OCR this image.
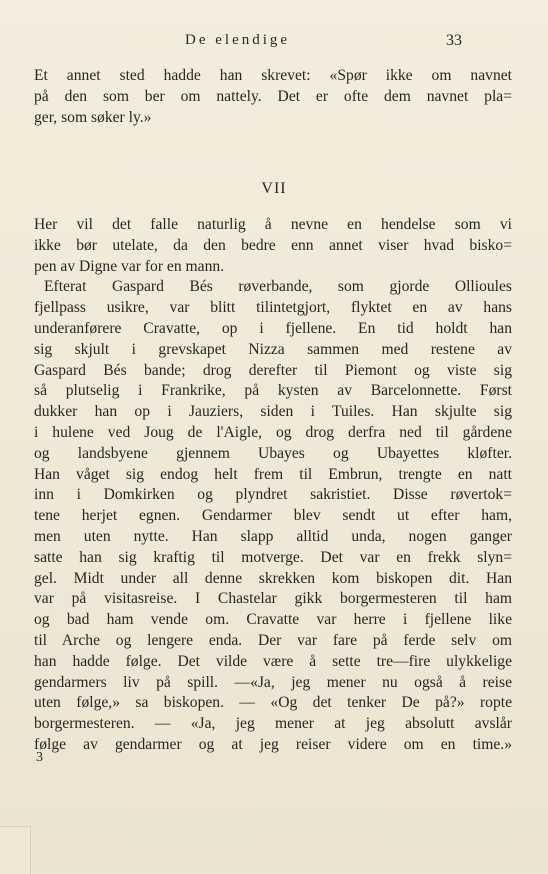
De elendige	33
Et annet sted hadde han skrevet: «Spør ikke om navnet
på den som ber om nattely. Det er ofte dem navnet pla=
ger, som søker ly.»
VII
Her vil det falle naturlig å nevne en hendelse som vi
ikke bør utelate, da den bedre enn annet viser hvad bisko=
pen av Digne var for en mann.
Efterat Gaspard Bés røverbande, som gjorde Ollioules
fjellpass usikre, var blitt tilintetgjort, flyktet en av hans
underanførere Cravatte, op i fjellene. En tid holdt han
sig skjult i grevskapet Nizza sammen med restene av
Gaspard Bés bande; drog derefter til Piemont og viste sig
så plutselig i Frankrike, på kysten av Barcelonnette. Først
dukker han op i Jauziers, siden i Tuiles. Han skjulte sig
i hulene ved Joug de l'Aigle, og drog derfra ned til gårdene
og landsbyene gjennem Ubayes og Ubayettes kløfter.
Han våget sig endog helt frem til Embrun, trengte en natt
inn i Domkirken og plyndret sakristiet. Disse røvertok=
tene herjet egnen. Gendarmer blev sendt ut efter ham,
men uten nytte. Han slapp alltid unda, nogen ganger
satte han sig kraftig til motverge. Det var en frekk slyn=
gel. Midt under all denne skrekken kom biskopen dit. Han
var på visitasreise. I Chastelar gikk borgermesteren til ham
og bad ham vende om. Cravatte var herre i fjellene like
til Arche og lengere enda. Der var fare på ferde selv om
han hadde følge. Det vilde være å sette tre—fire ulykkelige
gendarmers liv på spill. —«Ja, jeg mener nu også å reise
uten følge,» sa biskopen. — «Og det tenker De på?» ropte
borgermesteren. — «Ja, jeg mener at jeg absolutt avslår
følge av gendarmer og at jeg reiser videre om en time.»
3
